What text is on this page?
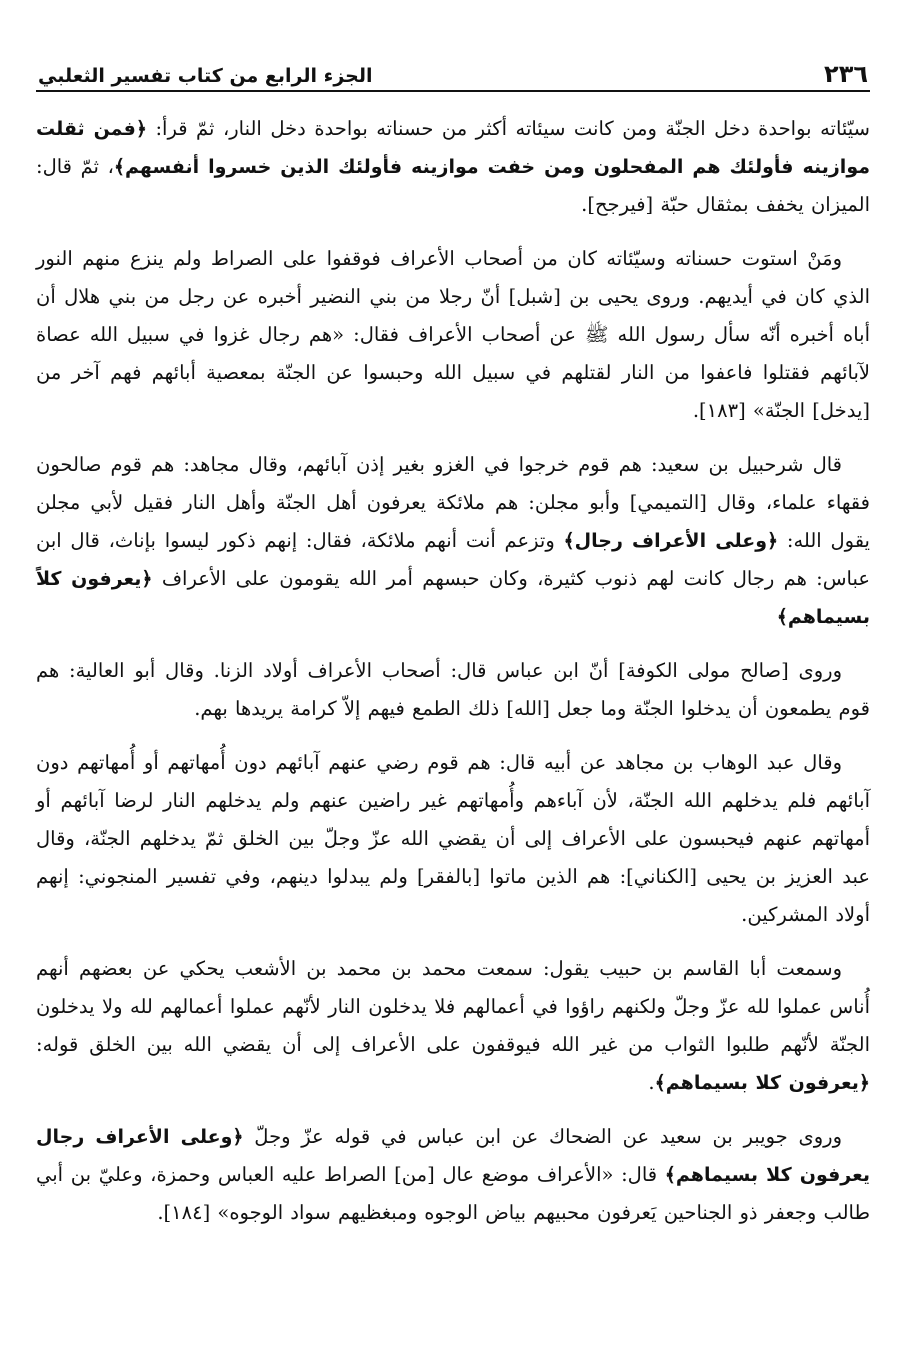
٢٣٦
الجزء الرابع من كتاب تفسير الثعلبي

سيّئاته بواحدة دخل الجنّة ومن كانت سيئاته أكثر من حسناته بواحدة دخل النار، ثمّ قرأ: ﴿فمن ثقلت موازينه فأولئك هم المفحلون ومن خفت موازينه فأولئك الذين خسروا أنفسهم﴾، ثمّ قال: الميزان يخفف بمثقال حبّة [فيرجح].

ومَنْ استوت حسناته وسيّئاته كان من أصحاب الأعراف فوقفوا على الصراط ولم ينزع منهم النور الذي كان في أيديهم. وروى يحيى بن [شبل] أنّ رجلا من بني النضير أخبره عن رجل من بني هلال أن أباه أخبره أنّه سأل رسول الله ﷺ عن أصحاب الأعراف فقال: «هم رجال غزوا في سبيل الله عصاة لآبائهم فقتلوا فاعفوا من النار لقتلهم في سبيل الله وحبسوا عن الجنّة بمعصية أبائهم فهم آخر من [يدخل] الجنّة» [١٨٣].

قال شرحبيل بن سعيد: هم قوم خرجوا في الغزو بغير إذن آبائهم، وقال مجاهد: هم قوم صالحون فقهاء علماء، وقال [التميمي] وأبو مجلن: هم ملائكة يعرفون أهل الجنّة وأهل النار فقيل لأبي مجلن يقول الله: ﴿وعلى الأعراف رجال﴾ وتزعم أنت أنهم ملائكة، فقال: إنهم ذكور ليسوا بإناث، قال ابن عباس: هم رجال كانت لهم ذنوب كثيرة، وكان حبسهم أمر الله يقومون على الأعراف ﴿يعرفون كلاً بسيماهم﴾

وروى [صالح مولى الكوفة] أنّ ابن عباس قال: أصحاب الأعراف أولاد الزنا. وقال أبو العالية: هم قوم يطمعون أن يدخلوا الجنّة وما جعل [الله] ذلك الطمع فيهم إلاّ كرامة يريدها بهم.

وقال عبد الوهاب بن مجاهد عن أبيه قال: هم قوم رضي عنهم آبائهم دون أُمهاتهم أو أُمهاتهم دون آبائهم فلم يدخلهم الله الجنّة، لأن آباءهم وأُمهاتهم غير راضين عنهم ولم يدخلهم النار لرضا آبائهم أو أمهاتهم عنهم فيحبسون على الأعراف إلى أن يقضي الله عزّ وجلّ بين الخلق ثمّ يدخلهم الجنّة، وقال عبد العزيز بن يحيى [الكناني]: هم الذين ماتوا [بالفقر] ولم يبدلوا دينهم، وفي تفسير المنجوني: إنهم أولاد المشركين.

وسمعت أبا القاسم بن حبيب يقول: سمعت محمد بن محمد بن الأشعب يحكي عن بعضهم أنهم أُناس عملوا لله عزّ وجلّ ولكنهم راؤوا في أعمالهم فلا يدخلون النار لأنّهم عملوا أعمالهم لله ولا يدخلون الجنّة لأنّهم طلبوا الثواب من غير الله فيوقفون على الأعراف إلى أن يقضي الله بين الخلق قوله: ﴿يعرفون كلا بسيماهم﴾.

وروى جويبر بن سعيد عن الضحاك عن ابن عباس في قوله عزّ وجلّ ﴿وعلى الأعراف رجال يعرفون كلا بسيماهم﴾ قال: «الأعراف موضع عال [من] الصراط عليه العباس وحمزة، وعليّ بن أبي طالب وجعفر ذو الجناحين يَعرفون محبيهم بياض الوجوه ومبغظيهم سواد الوجوه» [١٨٤].
